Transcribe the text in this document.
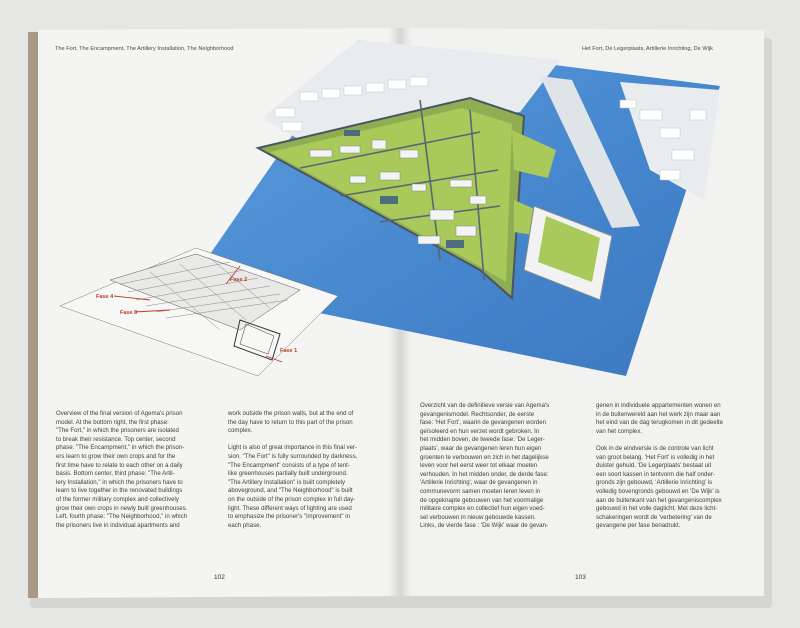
Fase 2
Fase 4
Fase 3
Fase 1
The Fort, The Encampment, The Artillery Installation, The Neighborhood	Het Fort, De Legerplaats, Artillerie Inrichting, De Wijk
Overview of the final version of Agema's prison
model. At the bottom right, the first phase:
"The Fort," in which the prisoners are isolated
to break their resistance. Top center, second
phase: "The Encampment," in which the prison-
ers learn to grow their own crops and for the
first time have to relate to each other on a daily
basis. Bottom center, third phase: "The Artil-
lery Installation," in which the prisoners have to
learn to live together in the renovated buildings
of the former military complex and collectively
grow their own crops in newly built greenhouses.
Left, fourth phase: "The Neighborhood," in which
the prisoners live in individual apartments and
work outside the prison walls, but at the end of
the day have to return to this part of the prison
complex.

Light is also of great importance in this final ver-
sion. "The Fort" is fully surrounded by darkness,
"The Encampment" consists of a type of tent-
like greenhouses partially built underground.
"The Artillery Installation" is built completely
aboveground, and "The Neighborhood" is built
on the outside of the prison complex in full day-
light. These different ways of lighting are used
to emphasize the prisoner's "improvement" in
each phase.
Overzicht van de definitieve versie van Agema's
gevangenismodel. Rechtsonder, de eerste
fase: 'Het Fort', waarin de gevangenen worden
geïsoleerd en hun verzet wordt gebroken. In
het midden boven, de tweede fase: 'De Leger-
plaats', waar de gevangenen leren hun eigen
groenten te verbouwen en zich in het dagelijkse
leven voor het eerst weer tot elkaar moeten
verhouden. In het midden onder, de derde fase:
'Artillerie Inrichting', waar de gevangenen in
communevorm samen moeten leren leven in
de opgeknapte gebouwen van het voormalige
militaire complex en collectief hun eigen voed-
sel verbouwen in nieuw gebouwde kassen.
Links, de vierde fase : 'De Wijk' waar de gevan-
genen in individuele appartementen wonen en
in de buitenwereld aan het werk zijn maar aan
het eind van de dag terugkomen in dit gedeelte
van het complex.

Ook in de eindversie is de controle van licht
van groot belang. 'Het Fort' is volledig in het
duister gehuld, 'De Legerplaats' bestaat uit
een soort kassen in tentvorm die half onder-
gronds zijn gebouwd, 'Artillerie Inrichting' is
volledig bovengronds gebouwd en 'De Wijk' is
aan de buitenkant van het gevangeniscomplex
gebouwd in het volle daglicht. Met deze licht-
schakeringen wordt de 'verbetering' van de
gevangene per fase benadrukt.
102	103
